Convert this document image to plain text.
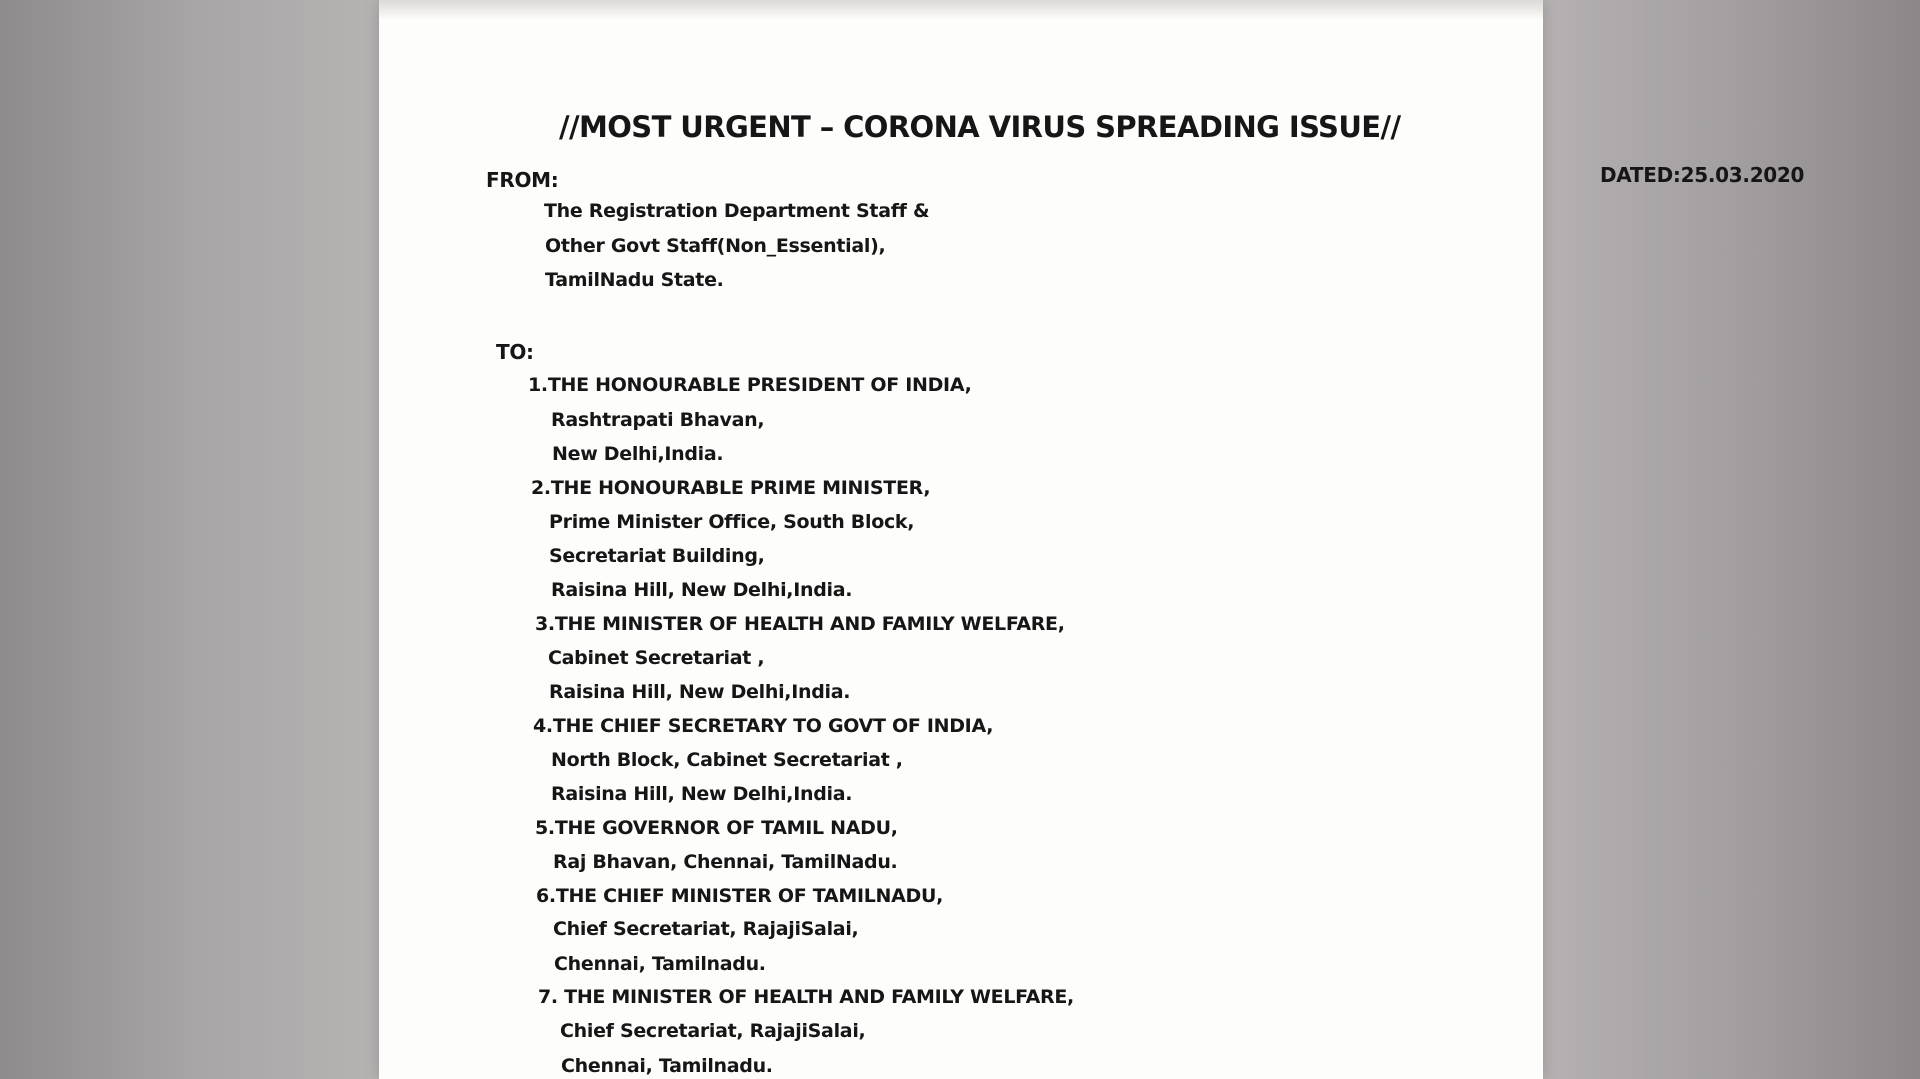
//MOST URGENT – CORONA VIRUS SPREADING ISSUE//
DATED:25.03.2020
FROM:
The Registration Department Staff &
Other Govt Staff(Non_Essential),
TamilNadu State.
TO:
1.THE HONOURABLE PRESIDENT OF INDIA,
Rashtrapati Bhavan,
New Delhi,India.
2.THE HONOURABLE PRIME MINISTER,
Prime Minister Office, South Block,
Secretariat Building,
Raisina Hill, New Delhi,India.
3.THE MINISTER OF HEALTH AND FAMILY WELFARE,
Cabinet Secretariat ,
Raisina Hill, New Delhi,India.
4.THE CHIEF SECRETARY TO GOVT OF INDIA,
North Block, Cabinet Secretariat ,
Raisina Hill, New Delhi,India.
5.THE GOVERNOR OF TAMIL NADU,
Raj Bhavan, Chennai, TamilNadu.
6.THE CHIEF MINISTER OF TAMILNADU,
Chief Secretariat, RajajiSalai,
Chennai, Tamilnadu.
7. THE MINISTER OF HEALTH AND FAMILY WELFARE,
Chief Secretariat, RajajiSalai,
Chennai, Tamilnadu.
